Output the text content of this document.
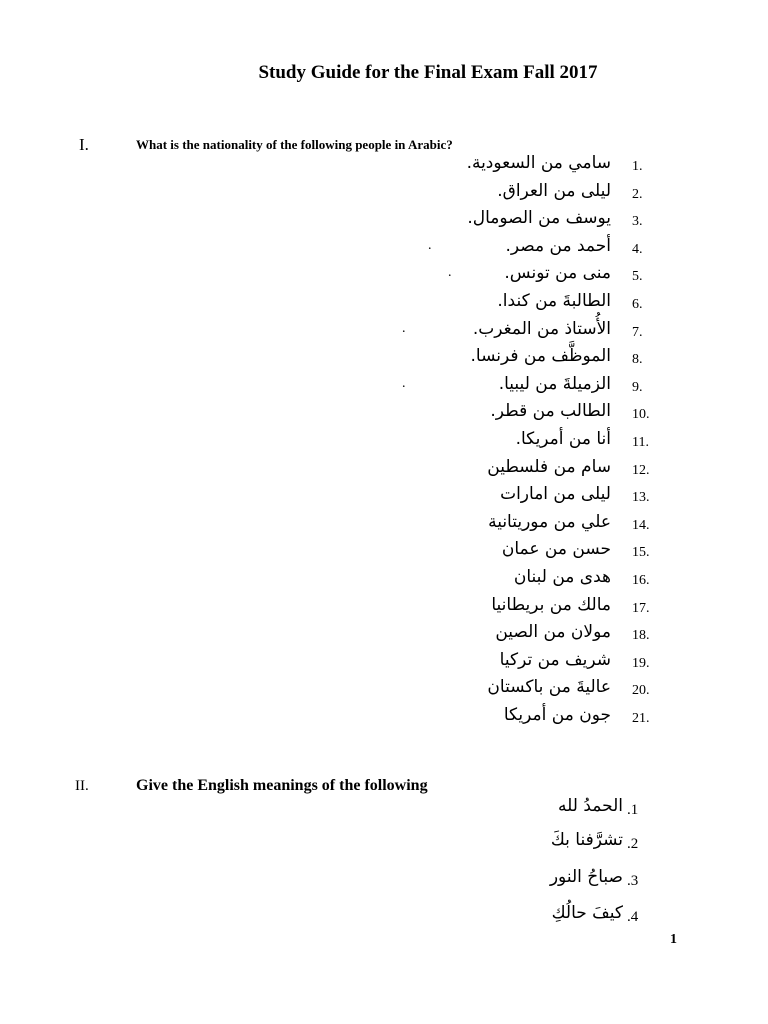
Study Guide for the Final Exam Fall 2017
I.	What is the nationality of the following people in Arabic?
1.
سامي من السعودية.
2.
ليلى من العراق.
3.
يوسف من الصومال.
4.
أحمد من مصر.
.
5.
منى من تونس.
.
6.
الطالبةَ من كندا.
7.
الأُستاذ من المغرب.
.
8.
الموظَّف من فرنسا.
9.
الزميلةَ من ليبيا.
.
10.
الطالب من قطر.
11.
أنا من أمريكا.
12.
سام من فلسطين
13.
ليلى من امارات
14.
علي من موريتانية
15.
حسن من عمان
16.
هدى من لبنان
17.
مالك من بريطانيا
18.
مولان من الصين
19.
شريف من تركيا
20.
عاليةَ من باكستان
21.
جون من أمريكا
II.	Give the English meanings of the following
.1
الحمدُ لله
.2
تشرَّفنا بكَ
.3
صباحُ النور
.4
كيفَ حالُكِ
1
